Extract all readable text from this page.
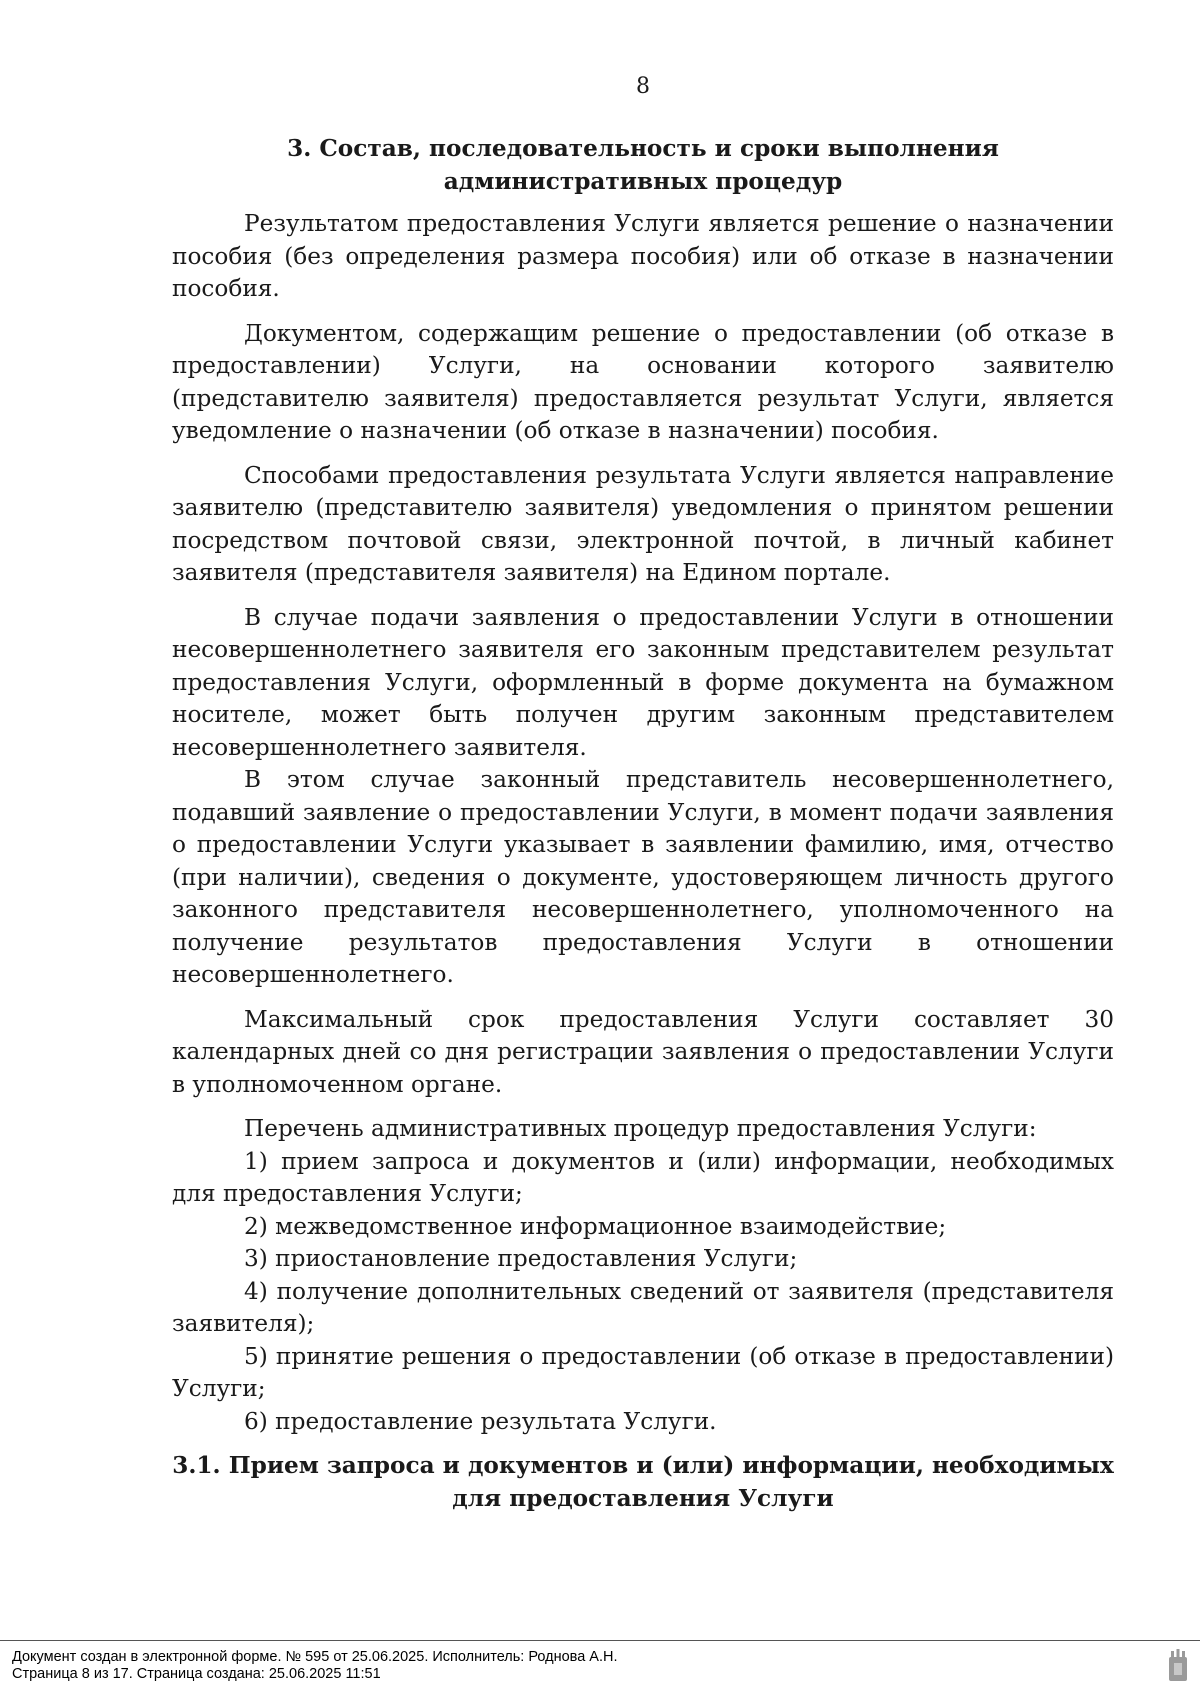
8
3. Состав, последовательность и сроки выполнения административных процедур

Результатом предоставления Услуги является решение о назначении пособия (без определения размера пособия) или об отказе в назначении пособия.

Документом, содержащим решение о предоставлении (об отказе в предоставлении) Услуги, на основании которого заявителю (представителю заявителя) предоставляется результат Услуги, является уведомление о назначении (об отказе в назначении) пособия.

Способами предоставления результата Услуги является направление заявителю (представителю заявителя) уведомления о принятом решении посредством почтовой связи, электронной почтой, в личный кабинет заявителя (представителя заявителя) на Едином портале.

В случае подачи заявления о предоставлении Услуги в отношении несовершеннолетнего заявителя его законным представителем результат предоставления Услуги, оформленный в форме документа на бумажном носителе, может быть получен другим законным представителем несовершеннолетнего заявителя.

В этом случае законный представитель несовершеннолетнего, подавший заявление о предоставлении Услуги, в момент подачи заявления о предоставлении Услуги указывает в заявлении фамилию, имя, отчество (при наличии), сведения о документе, удостоверяющем личность другого законного представителя несовершеннолетнего, уполномоченного на получение результатов предоставления Услуги в отношении несовершеннолетнего.

Максимальный срок предоставления Услуги составляет 30 календарных дней со дня регистрации заявления о предоставлении Услуги в уполномоченном органе.

Перечень административных процедур предоставления Услуги:

1) прием запроса и документов и (или) информации, необходимых для предоставления Услуги;

2) межведомственное информационное взаимодействие;

3) приостановление предоставления Услуги;

4) получение дополнительных сведений от заявителя (представителя заявителя);

5) принятие решения о предоставлении (об отказе в предоставлении) Услуги;

6) предоставление результата Услуги.

3.1. Прием запроса и документов и (или) информации, необходимых для предоставления Услуги
Документ создан в электронной форме. № 595 от 25.06.2025. Исполнитель: Роднова А.Н.
Страница 8 из 17. Страница создана: 25.06.2025 11:51
